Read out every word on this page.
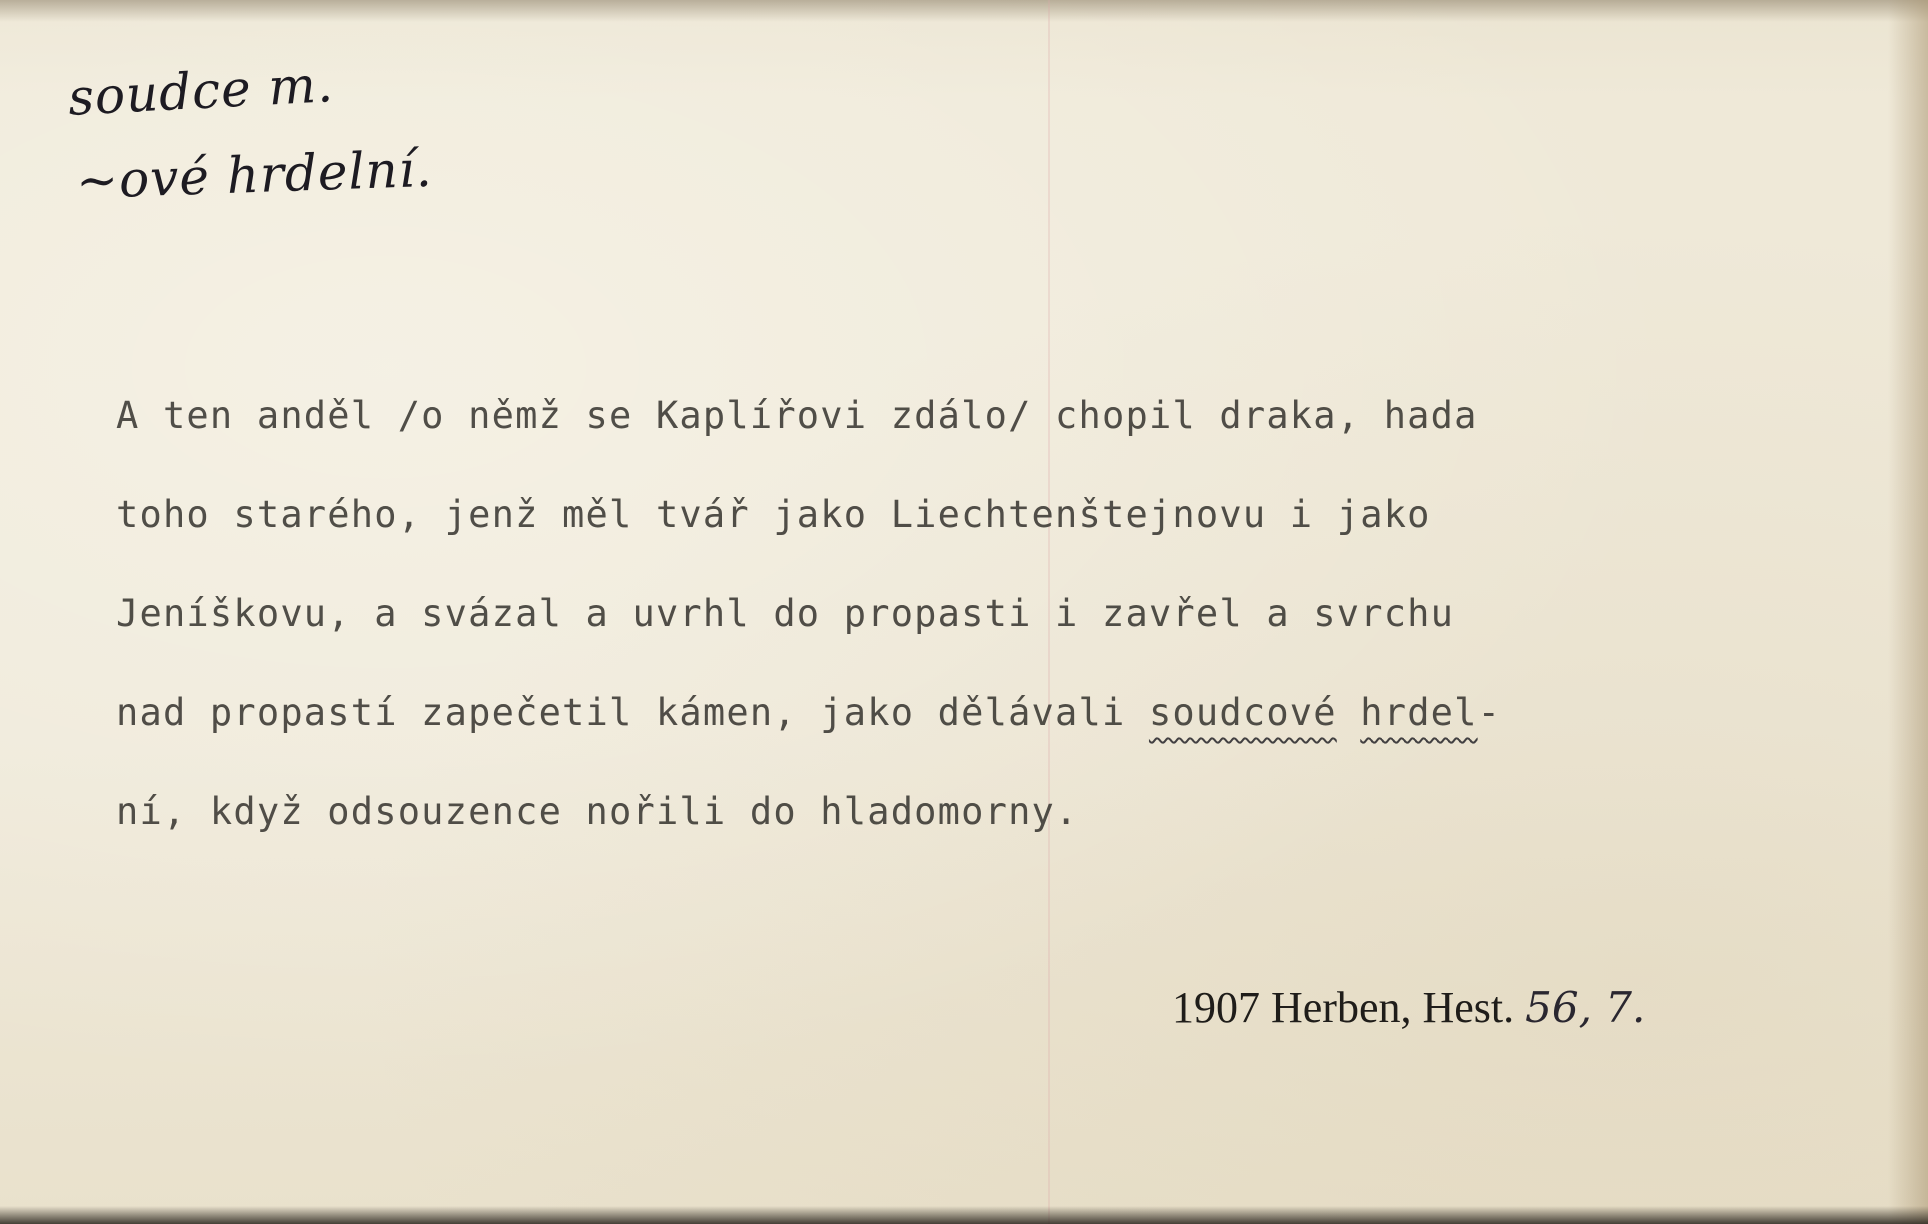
soudce m.
~ové hrdelní.
A ten anděl /o němž se Kaplířovi zdálo/ chopil draka, hada
toho starého, jenž měl tvář jako Liechtenštejnovu i jako
Jeníškovu, a svázal a uvrhl do propasti i zavřel a svrchu
nad propastí zapečetil kámen, jako dělávali soudcové hrdel-
ní, když odsouzence nořili do hladomorny.
1907 Herben, Hest. 56, 7.
